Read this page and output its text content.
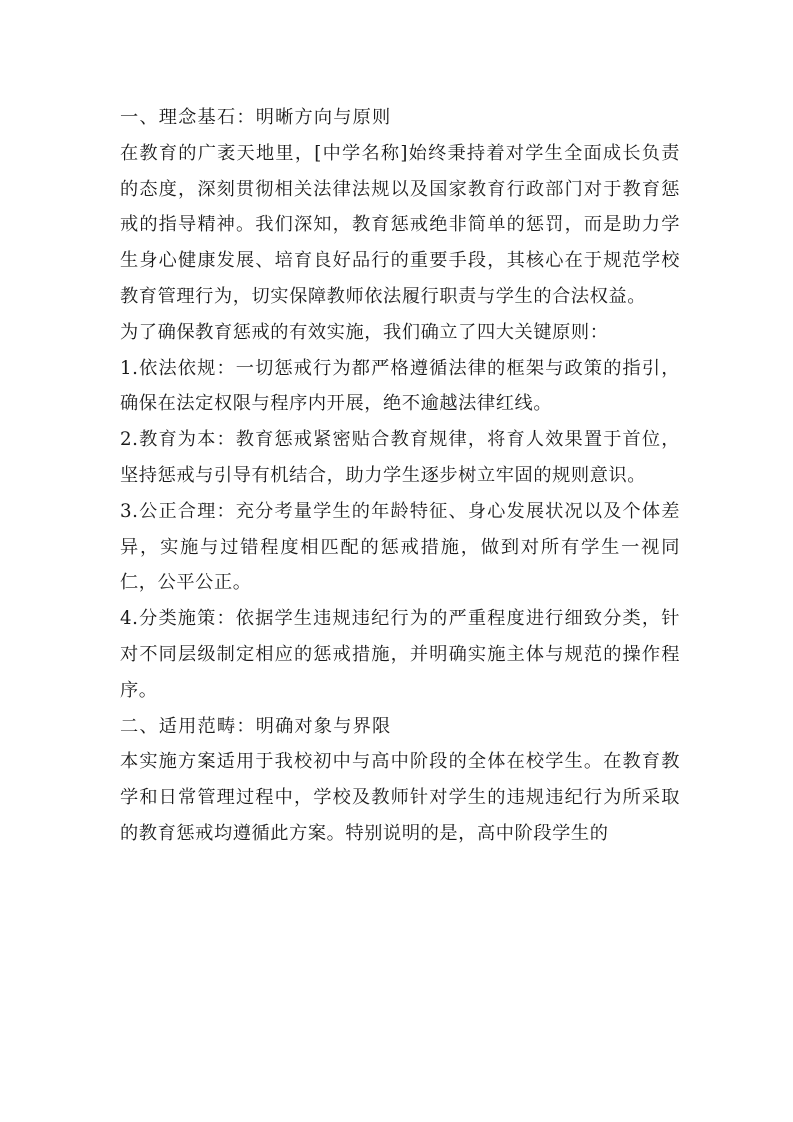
一、理念基石：明晰方向与原则

在教育的广袤天地里，[中学名称]始终秉持着对学生全面成长负责的态度，深刻贯彻相关法律法规以及国家教育行政部门对于教育惩戒的指导精神。我们深知，教育惩戒绝非简单的惩罚，而是助力学生身心健康发展、培育良好品行的重要手段，其核心在于规范学校教育管理行为，切实保障教师依法履行职责与学生的合法权益。

为了确保教育惩戒的有效实施，我们确立了四大关键原则：

1.依法依规：一切惩戒行为都严格遵循法律的框架与政策的指引，确保在法定权限与程序内开展，绝不逾越法律红线。

2.教育为本：教育惩戒紧密贴合教育规律，将育人效果置于首位，坚持惩戒与引导有机结合，助力学生逐步树立牢固的规则意识。

3.公正合理：充分考量学生的年龄特征、身心发展状况以及个体差异，实施与过错程度相匹配的惩戒措施，做到对所有学生一视同仁，公平公正。

4.分类施策：依据学生违规违纪行为的严重程度进行细致分类，针对不同层级制定相应的惩戒措施，并明确实施主体与规范的操作程序。

二、适用范畴：明确对象与界限

本实施方案适用于我校初中与高中阶段的全体在校学生。在教育教学和日常管理过程中，学校及教师针对学生的违规违纪行为所采取的教育惩戒均遵循此方案。特别说明的是，高中阶段学生的
